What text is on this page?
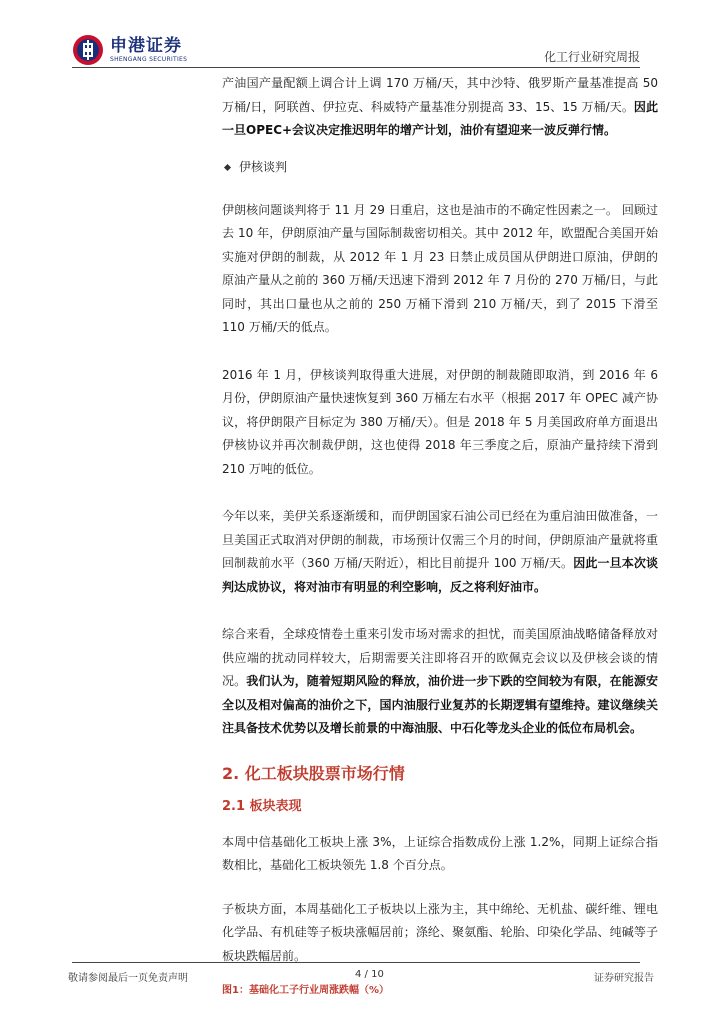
申港证券
SHENGANG SECURITIES	化工行业研究周报

产油国产量配额上调合计上调 170 万桶/天，其中沙特、俄罗斯产量基准提高 50 万桶/日，阿联酋、伊拉克、科威特产量基准分别提高 33、15、15 万桶/天。因此一旦OPEC+会议决定推迟明年的增产计划，油价有望迎来一波反弹行情。

伊核谈判

伊朗核问题谈判将于 11 月 29 日重启，这也是油市的不确定性因素之一。 回顾过去 10 年，伊朗原油产量与国际制裁密切相关。其中 2012 年，欧盟配合美国开始实施对伊朗的制裁，从 2012 年 1 月 23 日禁止成员国从伊朗进口原油，伊朗的原油产量从之前的 360 万桶/天迅速下滑到 2012 年 7 月份的 270 万桶/日，与此同时，其出口量也从之前的 250 万桶下滑到 210 万桶/天，到了 2015 下滑至 110 万桶/天的低点。

2016 年 1 月，伊核谈判取得重大进展，对伊朗的制裁随即取消，到 2016 年 6 月份，伊朗原油产量快速恢复到 360 万桶左右水平（根据 2017 年 OPEC 减产协议，将伊朗限产目标定为 380 万桶/天）。但是 2018 年 5 月美国政府单方面退出伊核协议并再次制裁伊朗，这也使得 2018 年三季度之后，原油产量持续下滑到 210 万吨的低位。

今年以来，美伊关系逐渐缓和，而伊朗国家石油公司已经在为重启油田做准备，一旦美国正式取消对伊朗的制裁，市场预计仅需三个月的时间，伊朗原油产量就将重回制裁前水平（360 万桶/天附近），相比目前提升 100 万桶/天。因此一旦本次谈判达成协议，将对油市有明显的利空影响，反之将利好油市。

综合来看，全球疫情卷土重来引发市场对需求的担忧，而美国原油战略储备释放对供应端的扰动同样较大，后期需要关注即将召开的欧佩克会议以及伊核会谈的情况。我们认为，随着短期风险的释放，油价进一步下跌的空间较为有限，在能源安全以及相对偏高的油价之下，国内油服行业复苏的长期逻辑有望维持。建议继续关注具备技术优势以及增长前景的中海油服、中石化等龙头企业的低位布局机会。

2. 化工板块股票市场行情
2.1 板块表现

本周中信基础化工板块上涨 3%，上证综合指数成份上涨 1.2%，同期上证综合指数相比，基础化工板块领先 1.8 个百分点。

子板块方面，本周基础化工子板块以上涨为主，其中绵纶、无机盐、碳纤维、锂电化学品、有机硅等子板块涨幅居前；涤纶、聚氨酯、轮胎、印染化学品、纯碱等子板块跌幅居前。

图1：基础化工子行业周涨跌幅（%）
敬请参阅最后一页免责声明	4 / 10	证券研究报告
